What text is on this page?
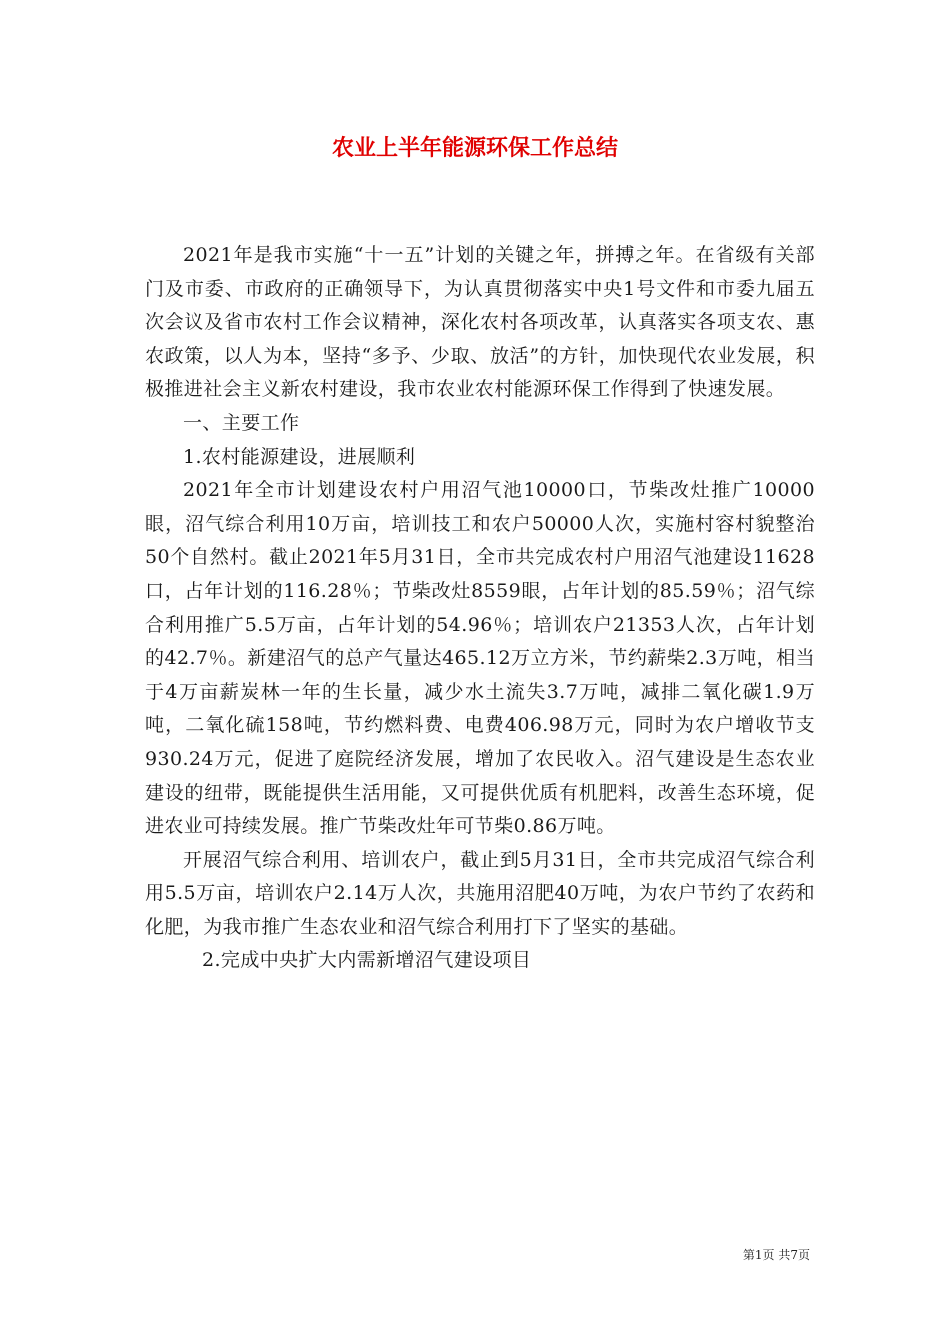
农业上半年能源环保工作总结

2021年是我市实施“十一五”计划的关键之年，拼搏之年。在省级有关部门及市委、市政府的正确领导下，为认真贯彻落实中央1号文件和市委九届五次会议及省市农村工作会议精神，深化农村各项改革，认真落实各项支农、惠农政策，以人为本，坚持“多予、少取、放活”的方针，加快现代农业发展，积极推进社会主义新农村建设，我市农业农村能源环保工作得到了快速发展。

一、主要工作

1.农村能源建设，进展顺利

2021年全市计划建设农村户用沼气池10000口，节柴改灶推广10000眼，沼气综合利用10万亩，培训技工和农户50000人次，实施村容村貌整治50个自然村。截止2021年5月31日，全市共完成农村户用沼气池建设11628口，占年计划的116.28％；节柴改灶8559眼，占年计划的85.59％；沼气综合利用推广5.5万亩，占年计划的54.96％；培训农户21353人次，占年计划的42.7％。新建沼气的总产气量达465.12万立方米，节约薪柴2.3万吨，相当于4万亩薪炭林一年的生长量，减少水土流失3.7万吨，减排二氧化碳1.9万吨，二氧化硫158吨，节约燃料费、电费406.98万元，同时为农户增收节支930.24万元，促进了庭院经济发展，增加了农民收入。沼气建设是生态农业建设的纽带，既能提供生活用能，又可提供优质有机肥料，改善生态环境，促进农业可持续发展。推广节柴改灶年可节柴0.86万吨。

开展沼气综合利用、培训农户，截止到5月31日，全市共完成沼气综合利用5.5万亩，培训农户2.14万人次，共施用沼肥40万吨，为农户节约了农药和化肥，为我市推广生态农业和沼气综合利用打下了坚实的基础。

2.完成中央扩大内需新增沼气建设项目

第1页 共7页
